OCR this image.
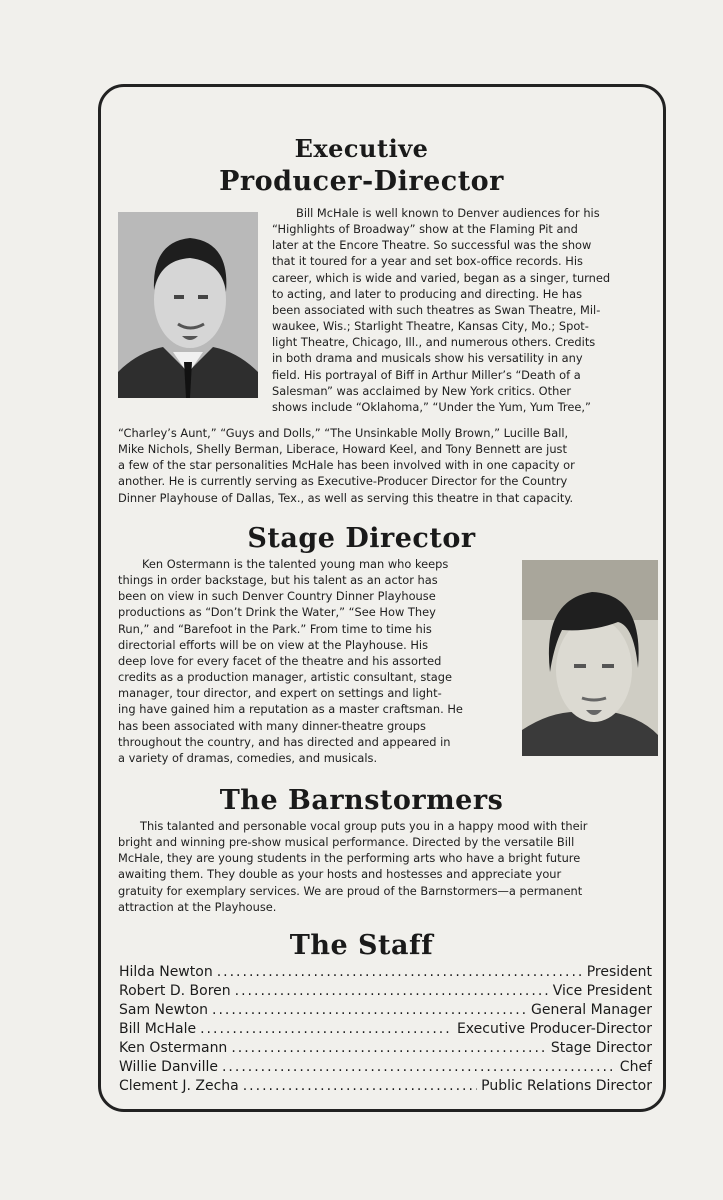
Executive
Producer-Director
Bill McHale is well known to Denver audiences for his
“Highlights of Broadway” show at the Flaming Pit and
later at the Encore Theatre. So successful was the show
that it toured for a year and set box-office records. His
career, which is wide and varied, began as a singer, turned
to acting, and later to producing and directing. He has
been associated with such theatres as Swan Theatre, Mil-
waukee, Wis.; Starlight Theatre, Kansas City, Mo.; Spot-
light Theatre, Chicago, Ill., and numerous others. Credits
in both drama and musicals show his versatility in any
field. His portrayal of Biff in Arthur Miller’s “Death of a
Salesman” was acclaimed by New York critics. Other
shows include “Oklahoma,” “Under the Yum, Yum Tree,”
“Charley’s Aunt,” “Guys and Dolls,” “The Unsinkable Molly Brown,” Lucille Ball,
Mike Nichols, Shelly Berman, Liberace, Howard Keel, and Tony Bennett are just
a few of the star personalities McHale has been involved with in one capacity or
another. He is currently serving as Executive-Producer Director for the Country
Dinner Playhouse of Dallas, Tex., as well as serving this theatre in that capacity.
Stage Director
Ken Ostermann is the talented young man who keeps
things in order backstage, but his talent as an actor has
been on view in such Denver Country Dinner Playhouse
productions as “Don’t Drink the Water,” “See How They
Run,” and “Barefoot in the Park.” From time to time his
directorial efforts will be on view at the Playhouse. His
deep love for every facet of the theatre and his assorted
credits as a production manager, artistic consultant, stage
manager, tour director, and expert on settings and light-
ing have gained him a reputation as a master craftsman. He
has been associated with many dinner-theatre groups
throughout the country, and has directed and appeared in
a variety of dramas, comedies, and musicals.
The Barnstormers
This talanted and personable vocal group puts you in a happy mood with their
bright and winning pre-show musical performance. Directed by the versatile Bill
McHale, they are young students in the performing arts who have a bright future
awaiting them. They double as your hosts and hostesses and appreciate your
gratuity for exemplary services. We are proud of the Barnstormers—a permanent
attraction at the Playhouse.
The Staff
Hilda Newton .....	President
Robert D. Boren .....	Vice President
Sam Newton .....	General Manager
Bill McHale .....	Executive Producer-Director
Ken Ostermann .....	Stage Director
Willie Danville .....	Chef
Clement J. Zecha .....	Public Relations Director
